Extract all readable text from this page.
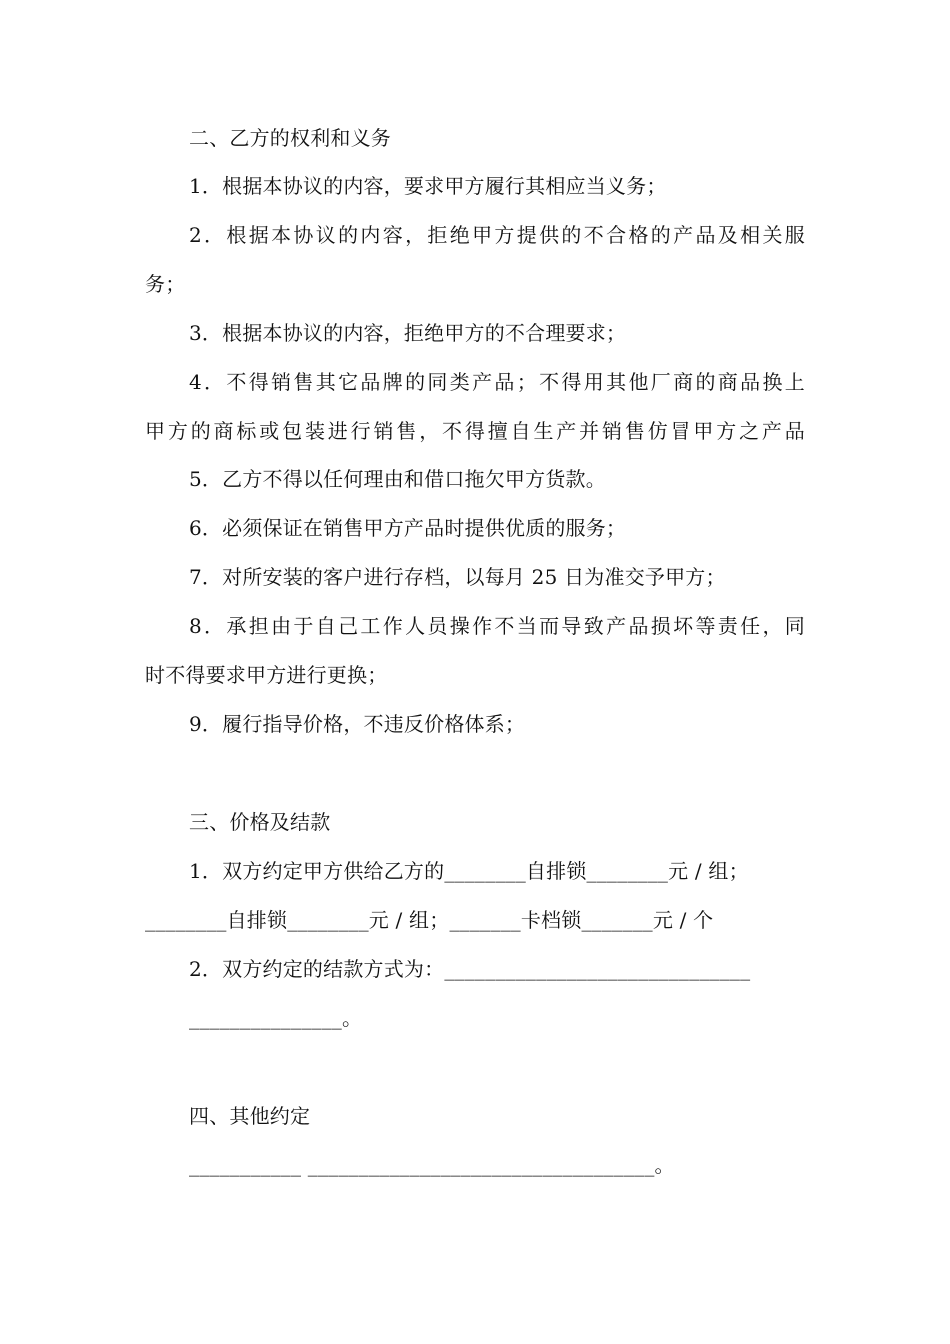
二、乙方的权利和义务
1．根据本协议的内容，要求甲方履行其相应当义务；
2．根据本协议的内容，拒绝甲方提供的不合格的产品及相关服
务；
3．根据本协议的内容，拒绝甲方的不合理要求；
4．不得销售其它品牌的同类产品；不得用其他厂商的商品换上
甲方的商标或包装进行销售，不得擅自生产并销售仿冒甲方之产品
5．乙方不得以任何理由和借口拖欠甲方货款。
6．必须保证在销售甲方产品时提供优质的服务；
7．对所安装的客户进行存档，以每月 25 日为准交予甲方；
8．承担由于自己工作人员操作不当而导致产品损坏等责任，同
时不得要求甲方进行更换；
9．履行指导价格，不违反价格体系；
三、价格及结款
1．双方约定甲方供给乙方的________自排锁________元 / 组；
________自排锁________元 / 组；_______卡档锁_______元 / 个
2．双方约定的结款方式为：______________________________
_______________。
四、其他约定
___________ __________________________________。
